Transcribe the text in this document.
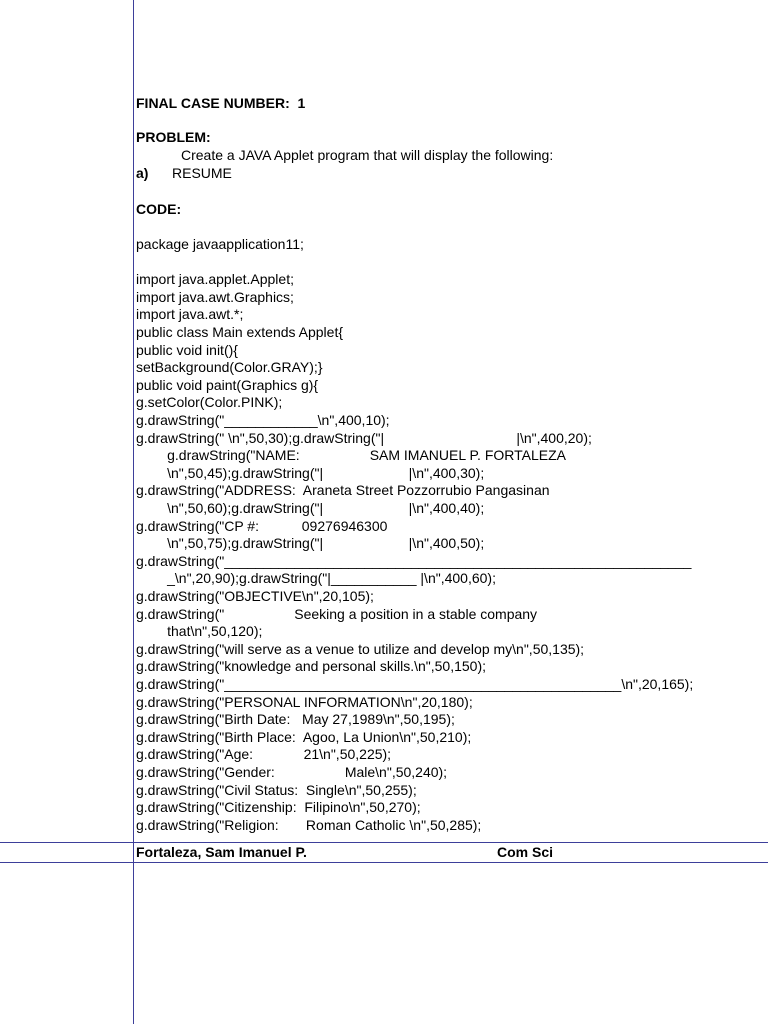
FINAL CASE NUMBER:  1
PROBLEM:
Create a JAVA Applet program that will display the following:
a) RESUME
CODE:
package javaapplication11;
import java.applet.Applet;
import java.awt.Graphics;
import java.awt.*;
public class Main extends Applet{
public void init(){
setBackground(Color.GRAY);}
public void paint(Graphics g){
g.setColor(Color.PINK);
g.drawString("____________\n",400,10);
g.drawString(" \n",50,30);g.drawString("|                                  |\n",400,20);
g.drawString("NAME:                  SAM IMANUEL P. FORTALEZA
\n",50,45);g.drawString("|                      |\n",400,30);
g.drawString("ADDRESS:  Araneta Street Pozzorrubio Pangasinan
\n",50,60);g.drawString("|                      |\n",400,40);
g.drawString("CP #:           09276946300
\n",50,75);g.drawString("|                      |\n",400,50);
g.drawString("____________________________________________________________
_\n",20,90);g.drawString("|___________ |\n",400,60);
g.drawString("OBJECTIVE\n",20,105);
g.drawString("                  Seeking a position in a stable company
that\n",50,120);
g.drawString("will serve as a venue to utilize and develop my\n",50,135);
g.drawString("knowledge and personal skills.\n",50,150);
g.drawString("___________________________________________________\n",20,165);
g.drawString("PERSONAL INFORMATION\n",20,180);
g.drawString("Birth Date:   May 27,1989\n",50,195);
g.drawString("Birth Place:  Agoo, La Union\n",50,210);
g.drawString("Age:             21\n",50,225);
g.drawString("Gender:                  Male\n",50,240);
g.drawString("Civil Status:  Single\n",50,255);
g.drawString("Citizenship:  Filipino\n",50,270);
g.drawString("Religion:       Roman Catholic \n",50,285);
Fortaleza, Sam Imanuel P.	Com Sci
